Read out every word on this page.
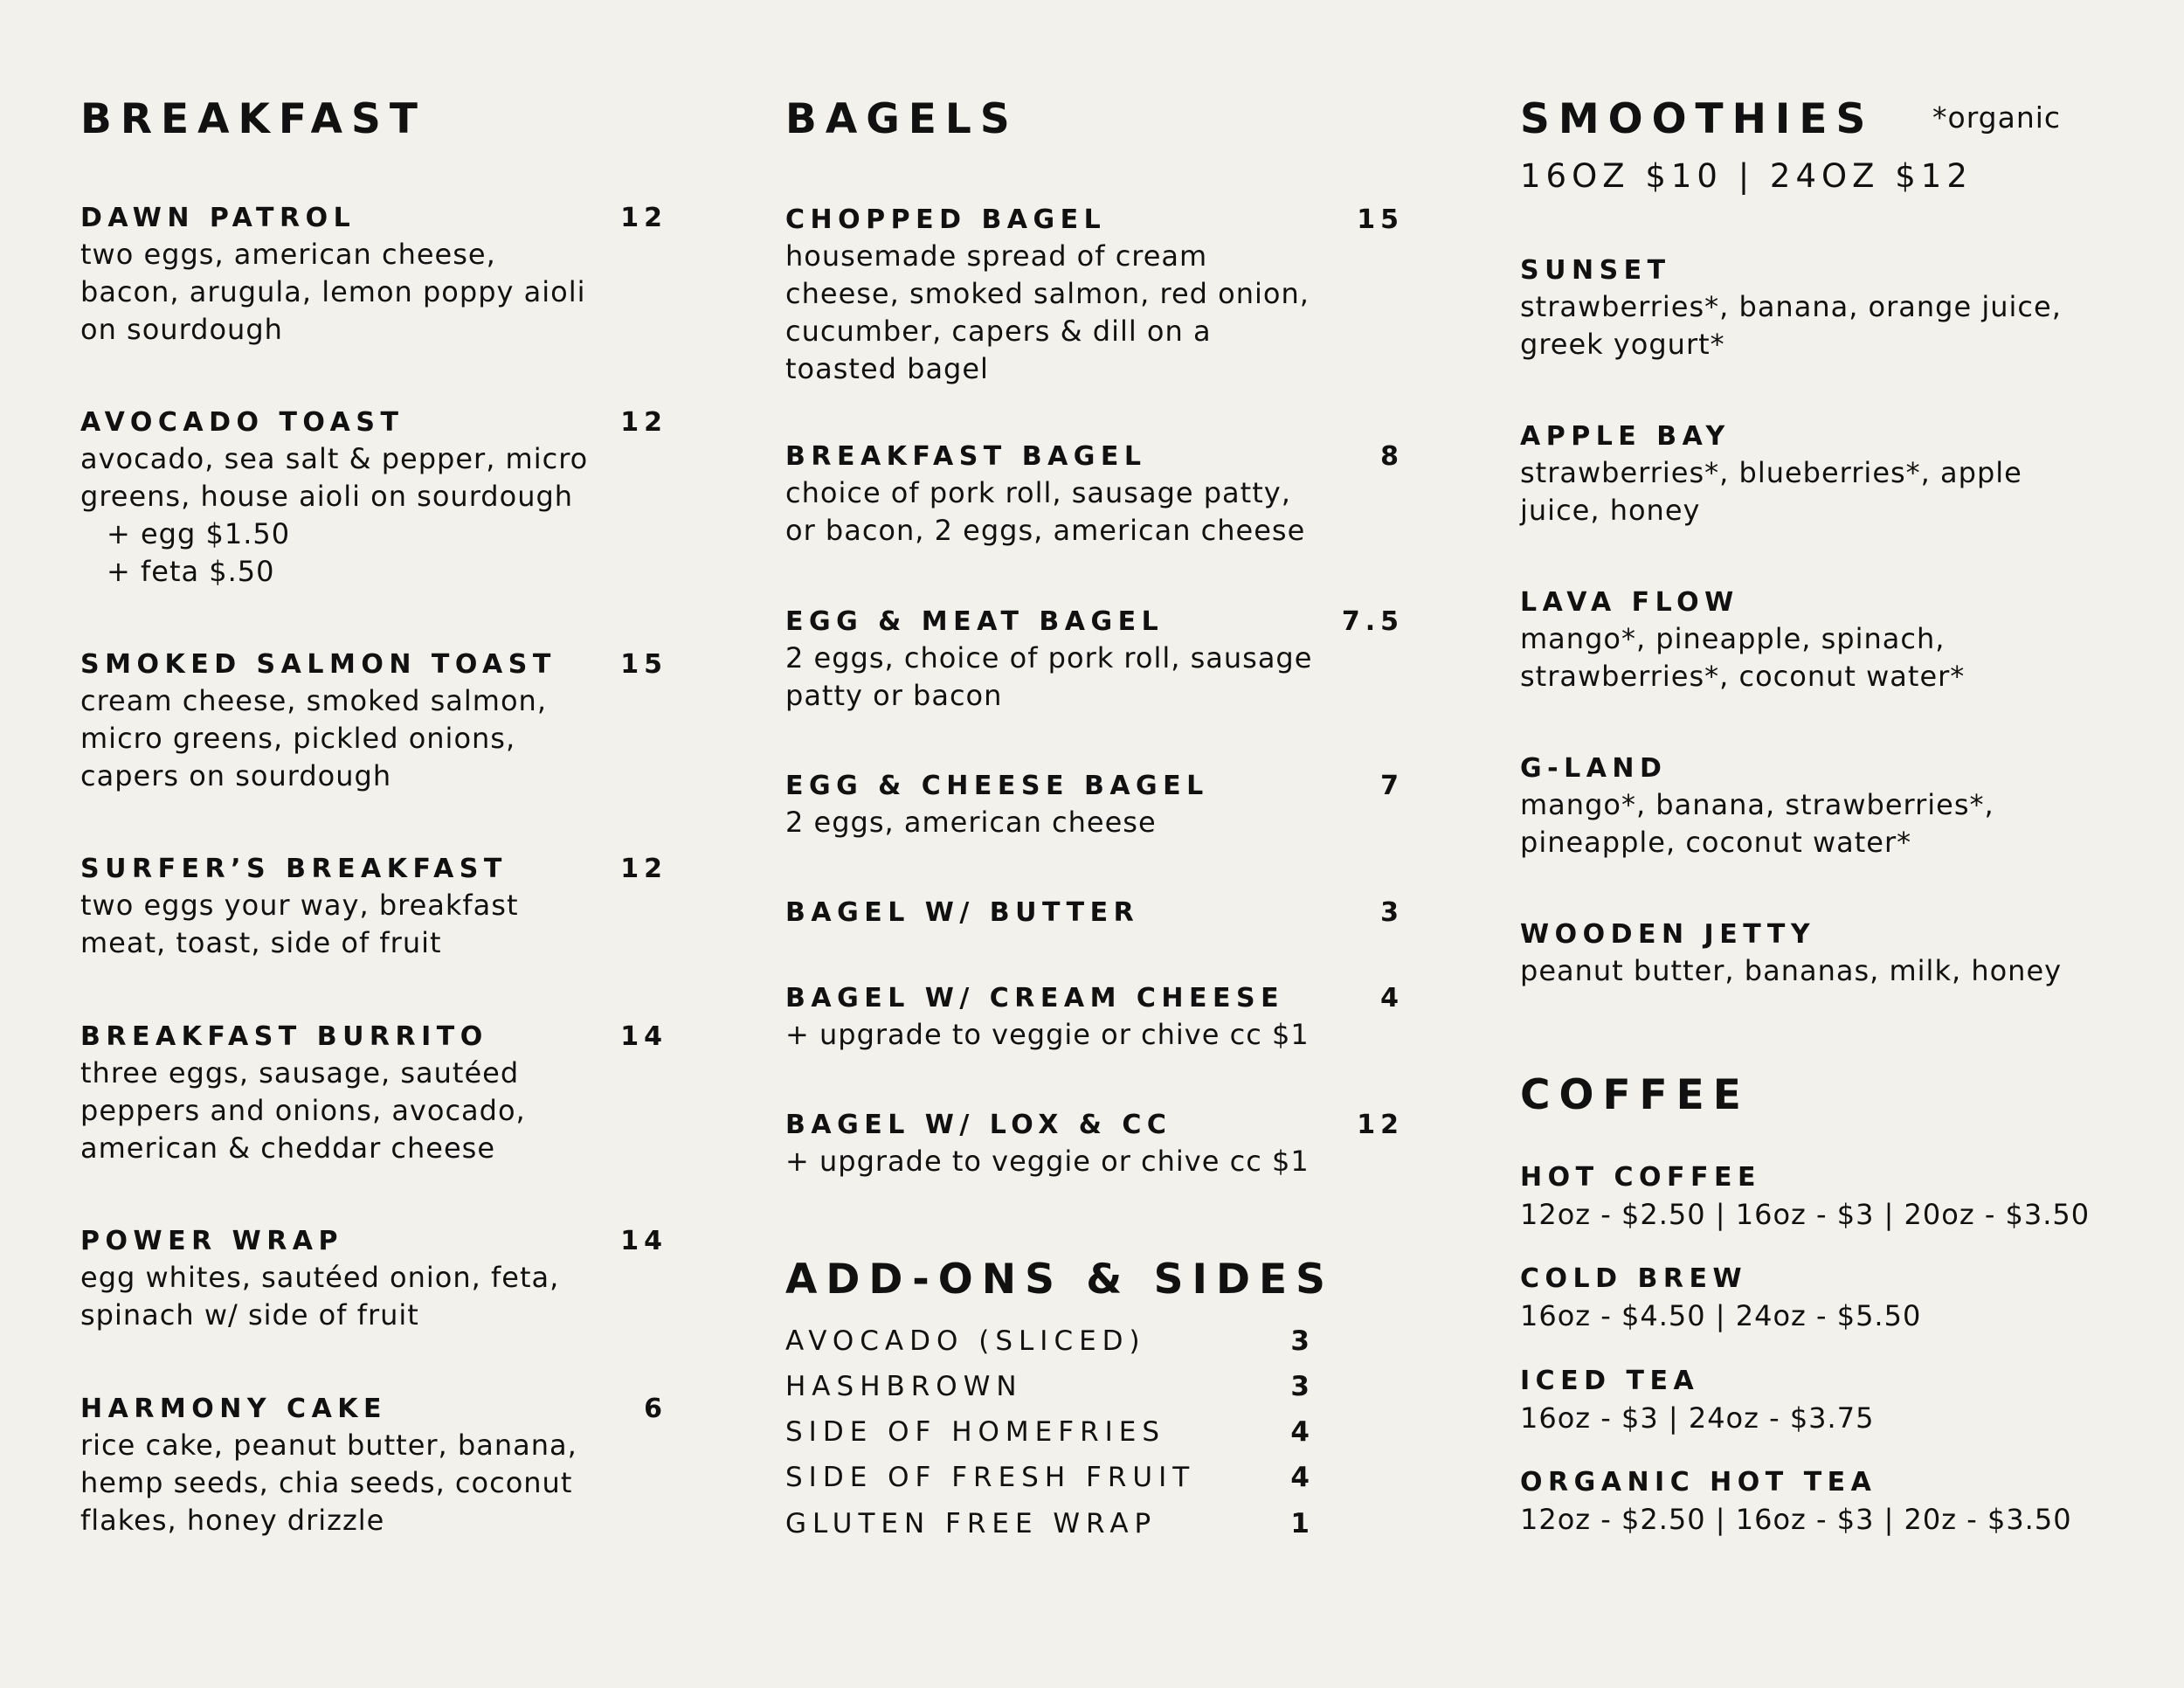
BREAKFAST
DAWN PATROL	12
two eggs, american cheese,
bacon, arugula, lemon poppy aioli
on sourdough
AVOCADO TOAST	12
avocado, sea salt & pepper, micro
greens, house aioli on sourdough
+ egg $1.50
+ feta $.50
SMOKED SALMON TOAST 15
cream cheese, smoked salmon,
micro greens, pickled onions,
capers on sourdough
SURFER’S BREAKFAST	12
two eggs your way, breakfast
meat, toast, side of fruit
BREAKFAST BURRITO	14
three eggs, sausage, sautéed
peppers and onions, avocado,
american & cheddar cheese
POWER WRAP	14
egg whites, sautéed onion, feta,
spinach w/ side of fruit
HARMONY CAKE	6
rice cake, peanut butter, banana,
hemp seeds, chia seeds, coconut
flakes, honey drizzle
BAGELS
CHOPPED BAGEL	15
housemade spread of cream
cheese, smoked salmon, red onion,
cucumber, capers & dill on a
toasted bagel
BREAKFAST BAGEL	8
choice of pork roll, sausage patty,
or bacon, 2 eggs, american cheese
EGG & MEAT BAGEL	7.5
2 eggs, choice of pork roll, sausage
patty or bacon
EGG & CHEESE BAGEL	7
2 eggs, american cheese
BAGEL W/ BUTTER	3
BAGEL W/ CREAM CHEESE	4
+ upgrade to veggie or chive cc $1
BAGEL W/ LOX & CC	12
+ upgrade to veggie or chive cc $1
ADD-ONS & SIDES
AVOCADO (SLICED)	3
HASHBROWN	3
SIDE OF HOMEFRIES	4
SIDE OF FRESH FRUIT	4
GLUTEN FREE WRAP	1
SMOOTHIES *organic
16OZ $10 | 24OZ $12
SUNSET
strawberries*, banana, orange juice,
greek yogurt*
APPLE BAY
strawberries*, blueberries*, apple
juice, honey
LAVA FLOW
mango*, pineapple, spinach,
strawberries*, coconut water*
G-LAND
mango*, banana, strawberries*,
pineapple, coconut water*
WOODEN JETTY
peanut butter, bananas, milk, honey
COFFEE
HOT COFFEE
12oz - $2.50 | 16oz - $3 | 20oz - $3.50
COLD BREW
16oz - $4.50 | 24oz - $5.50
ICED TEA
16oz - $3 | 24oz - $3.75
ORGANIC HOT TEA
12oz - $2.50 | 16oz - $3 | 20z - $3.50
